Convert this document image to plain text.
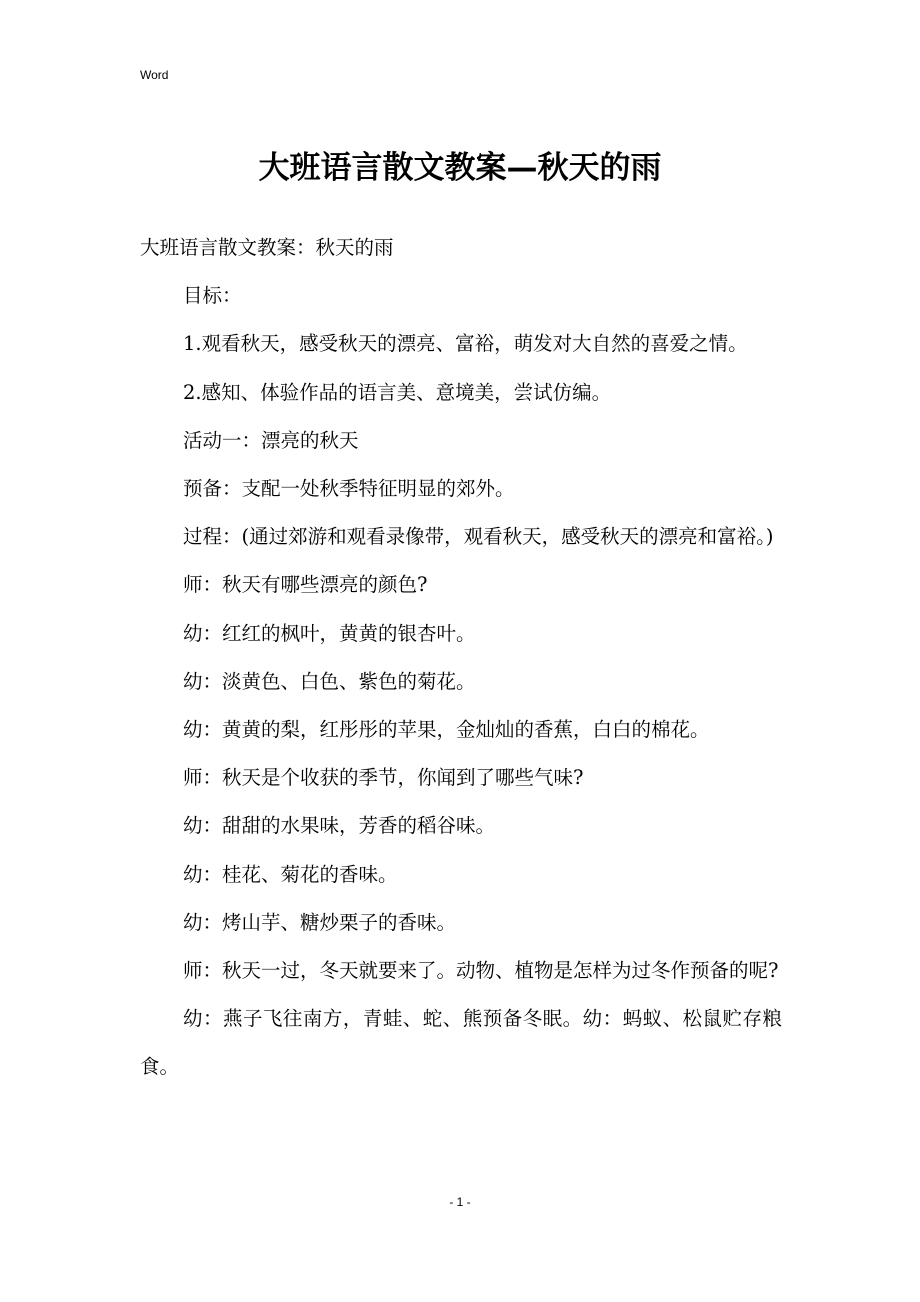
Word
大班语言散文教案—秋天的雨

大班语言散文教案：秋天的雨

目标：

1.观看秋天，感受秋天的漂亮、富裕，萌发对大自然的喜爱之情。

2.感知、体验作品的语言美、意境美，尝试仿编。

活动一：漂亮的秋天

预备：支配一处秋季特征明显的郊外。

过程：(通过郊游和观看录像带，观看秋天，感受秋天的漂亮和富裕。)

师：秋天有哪些漂亮的颜色?

幼：红红的枫叶，黄黄的银杏叶。

幼：淡黄色、白色、紫色的菊花。

幼：黄黄的梨，红彤彤的苹果，金灿灿的香蕉，白白的棉花。

师：秋天是个收获的季节，你闻到了哪些气味?

幼：甜甜的水果味，芳香的稻谷味。

幼：桂花、菊花的香味。

幼：烤山芋、糖炒栗子的香味。

师：秋天一过，冬天就要来了。动物、植物是怎样为过冬作预备的呢?

幼：燕子飞往南方，青蛙、蛇、熊预备冬眠。幼：蚂蚁、松鼠贮存粮食。

- 1 -
